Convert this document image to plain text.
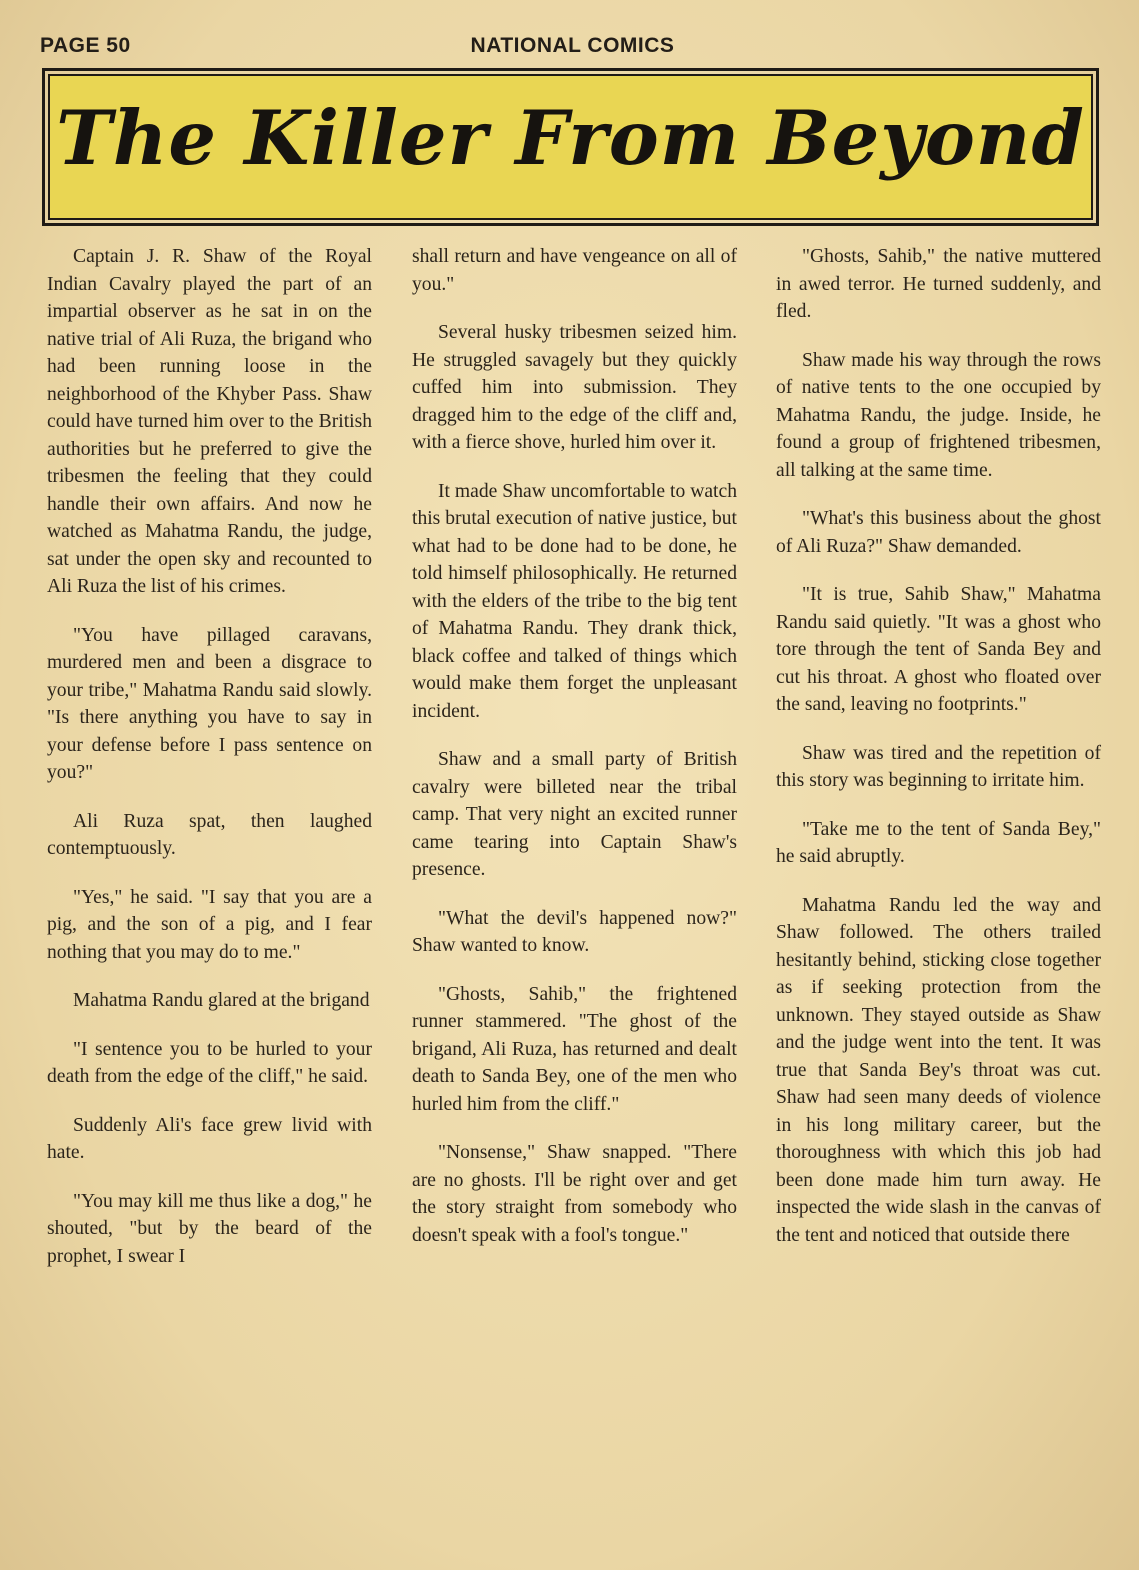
PAGE 50	NATIONAL COMICS
The Killer From Beyond

Captain J. R. Shaw of the Royal Indian Cavalry played the part of an impartial observer as he sat in on the native trial of Ali Ruza, the brigand who had been running loose in the neighborhood of the Khyber Pass. Shaw could have turned him over to the British authorities but he preferred to give the tribesmen the feeling that they could handle their own affairs. And now he watched as Mahatma Randu, the judge, sat under the open sky and recounted to Ali Ruza the list of his crimes.

"You have pillaged caravans, murdered men and been a disgrace to your tribe," Mahatma Randu said slowly. "Is there anything you have to say in your defense before I pass sentence on you?"

Ali Ruza spat, then laughed contemptuously.

"Yes," he said. "I say that you are a pig, and the son of a pig, and I fear nothing that you may do to me."

Mahatma Randu glared at the brigand

"I sentence you to be hurled to your death from the edge of the cliff," he said.

Suddenly Ali's face grew livid with hate.

"You may kill me thus like a dog," he shouted, "but by the beard of the prophet, I swear I

shall return and have vengeance on all of you."

Several husky tribesmen seized him. He struggled savagely but they quickly cuffed him into submission. They dragged him to the edge of the cliff and, with a fierce shove, hurled him over it.

It made Shaw uncomfortable to watch this brutal execution of native justice, but what had to be done had to be done, he told himself philosophically. He returned with the elders of the tribe to the big tent of Mahatma Randu. They drank thick, black coffee and talked of things which would make them forget the unpleasant incident.

Shaw and a small party of British cavalry were billeted near the tribal camp. That very night an excited runner came tearing into Captain Shaw's presence.

"What the devil's happened now?" Shaw wanted to know.

"Ghosts, Sahib," the frightened runner stammered. "The ghost of the brigand, Ali Ruza, has returned and dealt death to Sanda Bey, one of the men who hurled him from the cliff."

"Nonsense," Shaw snapped. "There are no ghosts. I'll be right over and get the story straight from somebody who doesn't speak with a fool's tongue."

"Ghosts, Sahib," the native muttered in awed terror. He turned suddenly, and fled.

Shaw made his way through the rows of native tents to the one occupied by Mahatma Randu, the judge. Inside, he found a group of frightened tribesmen, all talking at the same time.

"What's this business about the ghost of Ali Ruza?" Shaw demanded.

"It is true, Sahib Shaw," Mahatma Randu said quietly. "It was a ghost who tore through the tent of Sanda Bey and cut his throat. A ghost who floated over the sand, leaving no footprints."

Shaw was tired and the repetition of this story was beginning to irritate him.

"Take me to the tent of Sanda Bey," he said abruptly.

Mahatma Randu led the way and Shaw followed. The others trailed hesitantly behind, sticking close together as if seeking protection from the unknown. They stayed outside as Shaw and the judge went into the tent. It was true that Sanda Bey's throat was cut. Shaw had seen many deeds of violence in his long military career, but the thoroughness with which this job had been done made him turn away. He inspected the wide slash in the canvas of the tent and noticed that outside there
